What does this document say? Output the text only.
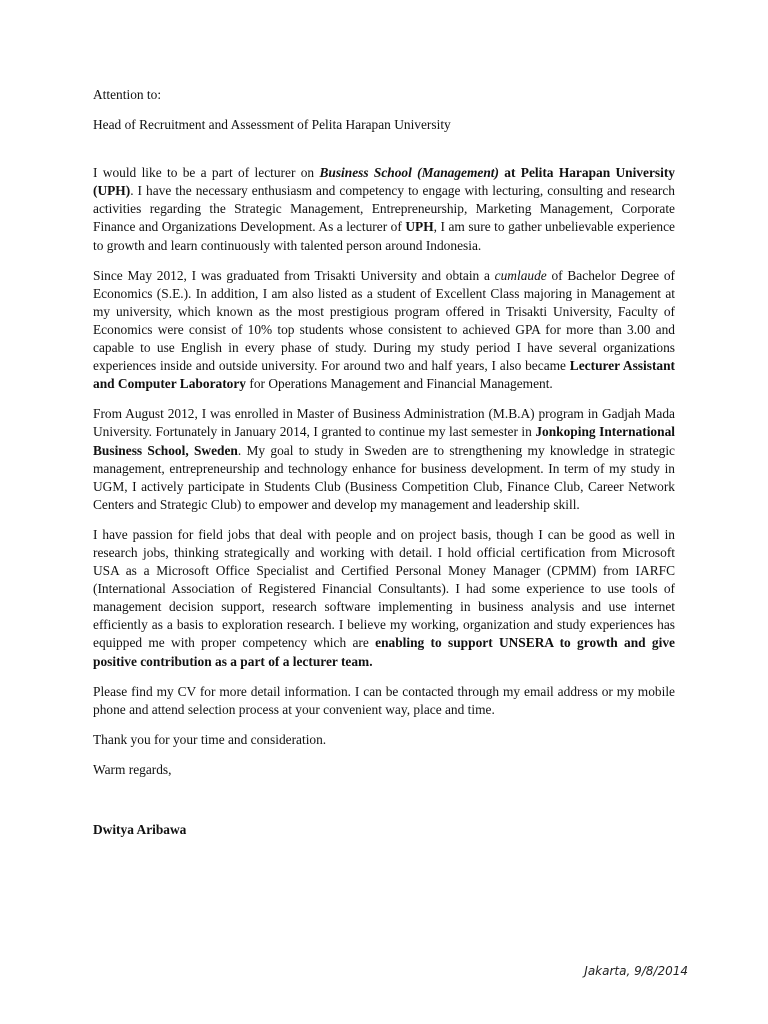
Attention to:

Head of Recruitment and Assessment of Pelita Harapan University

I would like to be a part of lecturer on Business School (Management) at Pelita Harapan University (UPH). I have the necessary enthusiasm and competency to engage with lecturing, consulting and research activities regarding the Strategic Management, Entrepreneurship, Marketing Management, Corporate Finance and Organizations Development. As a lecturer of UPH, I am sure to gather unbelievable experience to growth and learn continuously with talented person around Indonesia.

Since May 2012, I was graduated from Trisakti University and obtain a cumlaude of Bachelor Degree of Economics (S.E.). In addition, I am also listed as a student of Excellent Class majoring in Management at my university, which known as the most prestigious program offered in Trisakti University, Faculty of Economics were consist of 10% top students whose consistent to achieved GPA for more than 3.00 and capable to use English in every phase of study. During my study period I have several organizations experiences inside and outside university. For around two and half years, I also became Lecturer Assistant and Computer Laboratory for Operations Management and Financial Management.

From August 2012, I was enrolled in Master of Business Administration (M.B.A) program in Gadjah Mada University. Fortunately in January 2014, I granted to continue my last semester in Jonkoping International Business School, Sweden. My goal to study in Sweden are to strengthening my knowledge in strategic management, entrepreneurship and technology enhance for business development. In term of my study in UGM, I actively participate in Students Club (Business Competition Club, Finance Club, Career Network Centers and Strategic Club) to empower and develop my management and leadership skill.

I have passion for field jobs that deal with people and on project basis, though I can be good as well in research jobs, thinking strategically and working with detail. I hold official certification from Microsoft USA as a Microsoft Office Specialist and Certified Personal Money Manager (CPMM) from IARFC (International Association of Registered Financial Consultants). I had some experience to use tools of management decision support, research software implementing in business analysis and use internet efficiently as a basis to exploration research. I believe my working, organization and study experiences has equipped me with proper competency which are enabling to support UNSERA to growth and give positive contribution as a part of a lecturer team.

Please find my CV for more detail information. I can be contacted through my email address or my mobile phone and attend selection process at your convenient way, place and time.

Thank you for your time and consideration.

Warm regards,

Dwitya Aribawa

Jakarta, 9/8/2014
